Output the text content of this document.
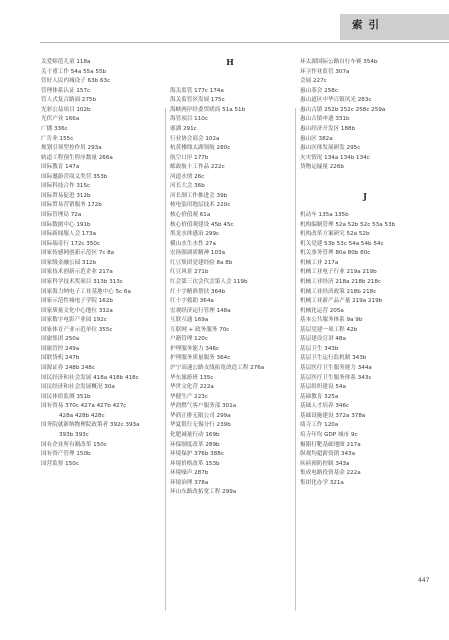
索引
关爱师范儿童 118a
关于重工作 54a 55a 55b
管好人民内城设子 63b 63c
管理体系认证 157c
管人式复合路面 275b
光彩公益项目 102b
光伏产业 166a
广播 336c
广告业 155c
规划引领型控作用 293a
轨道工程预生程序数量 266a
国际教育 147a
国际邀游营商义类营 353b
国际科技合作 315c
国际贸易促进 312b
国际贸易营销服务 172b
国际管理局 72a
国际数据中心 191b
国际新闻服人会 173a
国际瑞奇行 172c 350c
国家传感网创新示范区 7c 8a
国家级金融公园 312b
国家技术创新示范企业 217a
国家科学技术奖项目 313b 313c
国家海力纳电子工业基地中心 5c 6a
国家示范性城电子学院 162b
国家质量文化中心地位 332a
国家数字电影产业园 192c
国家体育产业示范单位 355c
国旅集团 250a
国旅管控 249a
国联货机 247b
国源证券 248b 248c
国民经济和社会发展 418a 418b 418c
国民经济和社会发展概况 30a
国民体质监测 351b
国有资易 370c 427a 427b 427c
428a 428b 428c
国务院就新纳物理院政策者 392c 393a
393b 393c
国有企业所有制改革 150c
国有资产管理 150b
国营监督 150c
H
海关监管 177c 174a
海关监管区发展 175c
海峡两岸经委贸磋商 51a 51b
海管项目 110c
邪湖 291c
行业协会商会 102a
杭黄楼线太湖领航 280c
航空口岸 177b
邮政航十工作品 222c
河道水情 26c
河长大会 36b
河长制工作推进会 39b
核电装用地层技术 220c
核心价值观 61a
核心价值观建设 45b 45c
黑龙水体感治 299c
横山水生水性 27a
宏扬强调质精神 103a
红豆集团党建经验 8a 8b
红豆风景 271b
红会第三次会代会第人会 119b
红十字精准帮扶 364b
红十字救助 364a
宏观经济运行管理 148a
互联互通 169a
互联网 + 政务服务 70c
户籍管理 120c
护理服务能力 346c
护理服务质量服务 364c
沪宁高速公路支线拓宽改造工程 276a
华东旅游班 135c
华世文化营 222a
华健生产 223c
华润燃气客户服务部 301a
华润正排无限公司 299a
华夏银行无锡分行 239b
化肥减量行动 169b
环保制度改革 289b
环境保护 376b 388c
环境价格改革 153b
环境噪声 287b
环境治理 378a
环山东路改拓宽工程 299a
环太湖国际公路自行车赛 354b
环卫作业监管 307a
会展 227c
惠山茶会 258c
惠山道区中华百镇风光 283c
惠山古镇 252b 252c 258c 259a
惠山古镇申遗 331b
惠山经济开发区 188b
惠山区 382a
惠山区体发展研发 295c
火灾情况 134a 134b 134c
货物运输量 226b
J
机动车 135a 135b
机构编制管理 52a 52b 52c 53a 53b
机构改革方案研究 52a 52b
机关党建 53b 53c 54a 54b 54c
机关事务管理 80a 80b 80c
机械工业 217a
机械工业电子行业 219a 219b
机械工业经济 218a 218b 218c
机械工业经济政策 218b 218c
机械工业新产品产量 219a 219b
机械化运营 205a
基本公共服务体系 9a 9b
基层党建一项工程 42b
基层建设宣讲 48a
基层卫生 343b
基层卫生运行监机制 343b
基层医疗卫生服务能力 344a
基层医疗卫生服务体系 343c
基层组织建设 54a
基础教育 325a
基础人才培养 346c
基础设施建设 372a 378a
绩寺工作 120a
培寺年均 GDP 城市 9c
极限打靶基础地图 217a
纵观均超薪资销 343a
疾病预防控制 343a
集成电路投资基金 222a
集团化办学 321a
447
